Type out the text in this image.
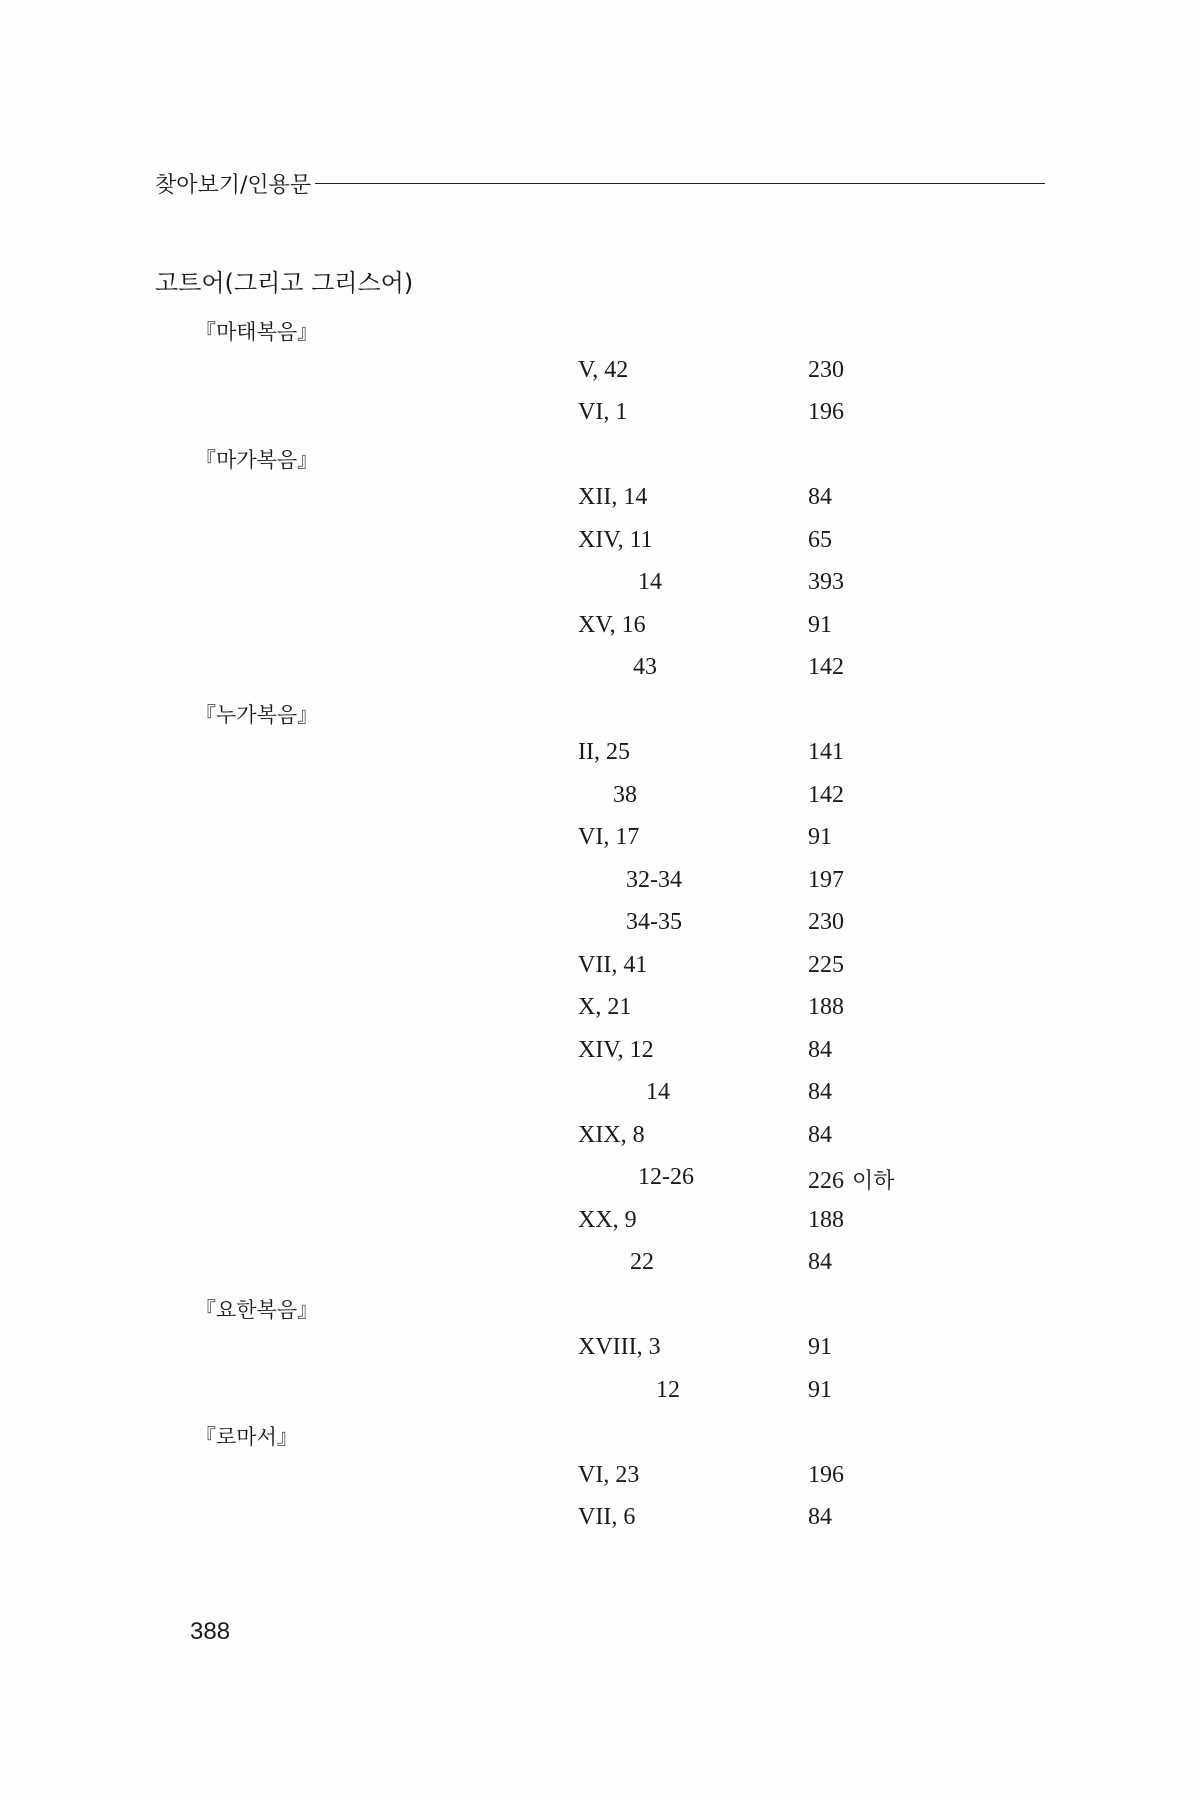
찾아보기/인용문
고트어(그리고 그리스어)
『마태복음』
V, 42	230
VI, 1	196
『마가복음』
XII, 14	84
XIV, 11	65
14	393
XV, 16	91
43	142
『누가복음』
II, 25	141
38	142
VI, 17	91
32-34	197
34-35	230
VII, 41	225
X, 21	188
XIV, 12	84
14	84
XIX, 8	84
12-26	226 이하
XX, 9	188
22	84
『요한복음』
XVIII, 3	91
12	91
『로마서』
VI, 23	196
VII, 6	84
388
